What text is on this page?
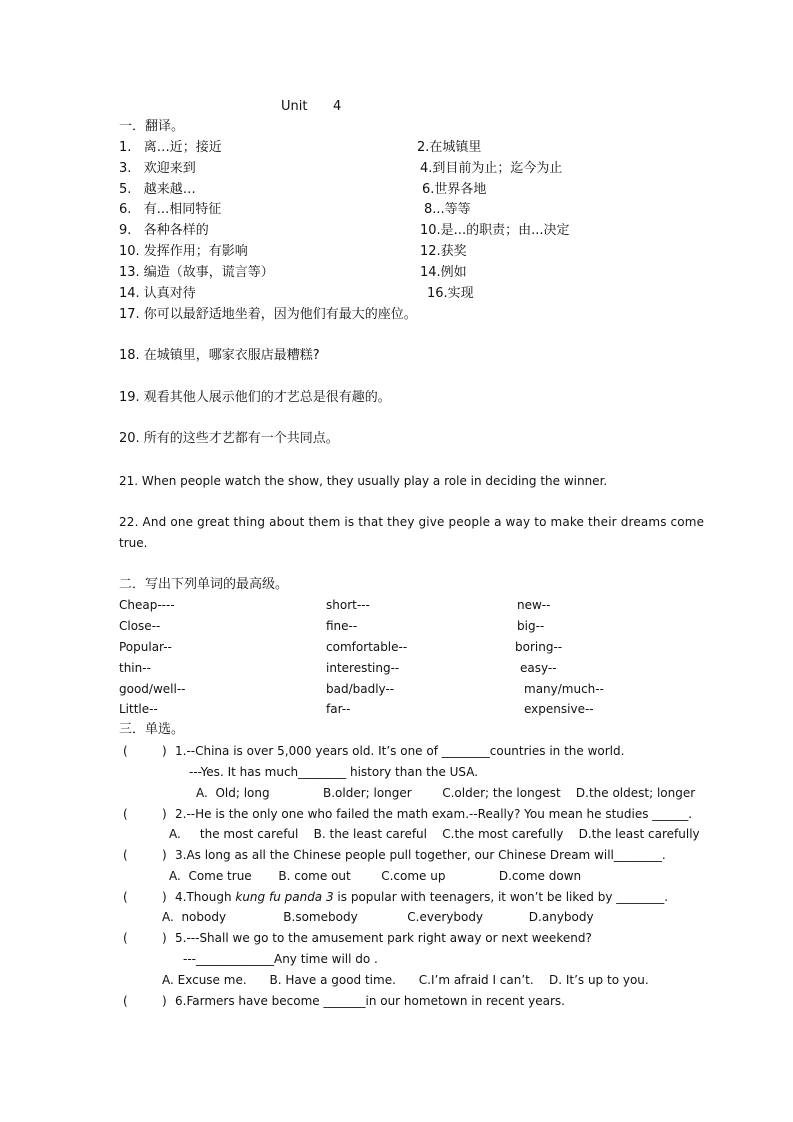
Unit 4
一．翻译。
1.   离…近；接近
3.   欢迎来到
5.   越来越…
6.   有...相同特征
9.   各种各样的
10. 发挥作用；有影响
13. 编造（故事，谎言等）
14. 认真对待
2.在城镇里
4.到目前为止；迄今为止
6.世界各地
8...等等
10.是...的职责；由...决定
12.获奖
14.例如
16.实现
17. 你可以最舒适地坐着，因为他们有最大的座位。
18. 在城镇里，哪家衣服店最糟糕?
19. 观看其他人展示他们的才艺总是很有趣的。
20. 所有的这些才艺都有一个共同点。
21. When people watch the show, they usually play a role in deciding the winner.
22. And one great thing about them is that they give people a way to make their dreams come
true.
二．写出下列单词的最高级。
Cheap----
Close--
Popular--
thin--
good/well--
Little--
short---
fine--
comfortable--
interesting--
bad/badly--
far--
new--
big--
boring--
easy--
many/much--
expensive--
三．单选。
(         ) 1.--China is over 5,000 years old. It’s one of ________countries in the world.
---Yes. It has much________ history than the USA.
A.  Old; long              B.older; longer        C.older; the longest    D.the oldest; longer
(         ) 2.--He is the only one who failed the math exam.--Really? You mean he studies ______.
A.     the most careful    B. the least careful    C.the most carefully    D.the least carefully
(         ) 3.As long as all the Chinese people pull together, our Chinese Dream will________.
A.  Come true       B. come out        C.come up              D.come down
(         ) 4.Though kung fu panda 3 is popular with teenagers, it won’t be liked by ________.
A.  nobody               B.somebody             C.everybody            D.anybody
(         ) 5.---Shall we go to the amusement park right away or next weekend?
---_____________Any time will do .
A. Excuse me.      B. Have a good time.      C.I’m afraid I can’t.    D. It’s up to you.
(         ) 6.Farmers have become _______in our hometown in recent years.
